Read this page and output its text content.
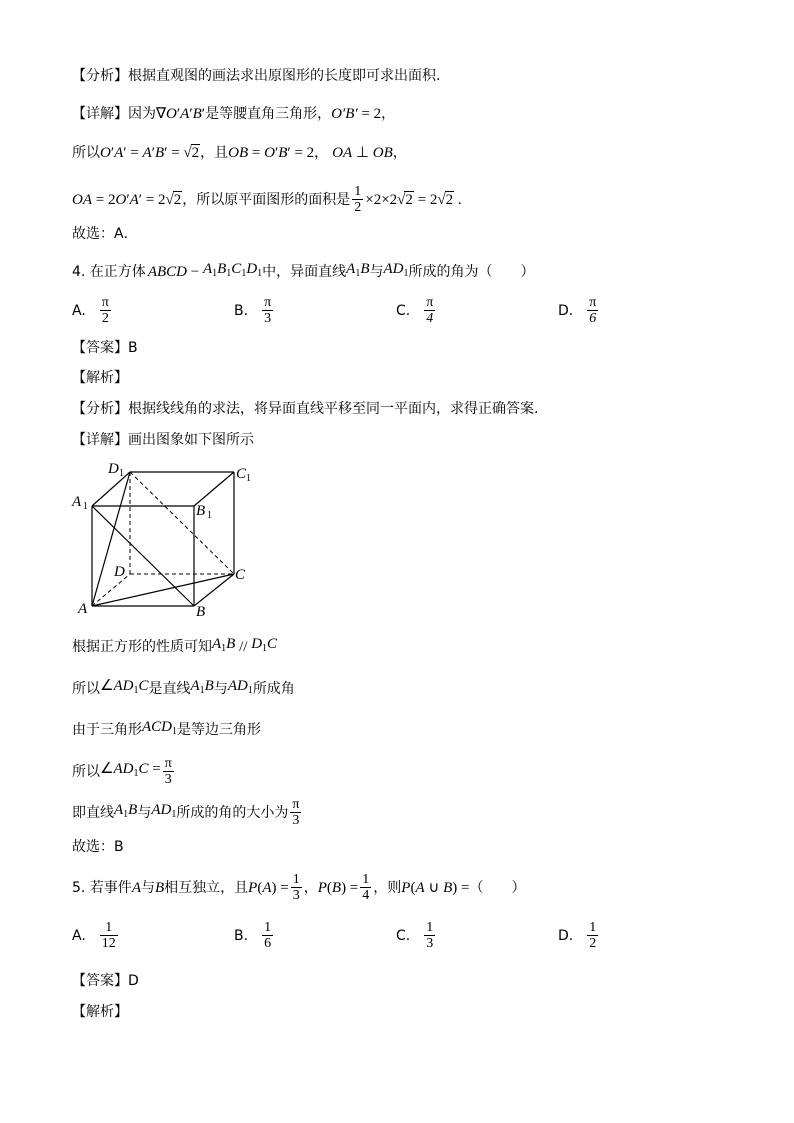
【分析】根据直观图的画法求出原图形的长度即可求出面积.
【详解】 因为 ∇O′A′B′ 是等腰直角三角形， O′B′ = 2 ，
所以 O′A′ = A′B′ = √2 ，且 OB = O′B′ = 2 ， OA ⊥ OB ，
OA = 2O′A′ = 2√2 ，所以原平面图形的面积是 $\frac{1}{2} \times 2\times 2√2 = 2√2$ .
故选：A．
4. 在正方体 ABCD − $A_1B_1C_1D_1$ 中，异面直线 $A_1B$ 与 $AD_1$ 所成的角为（　　）
A. $\frac{\pi}{2}$	B. $\frac{\pi}{3}$	C. $\frac{\pi}{4}$	D. $\frac{\pi}{6}$
【答案】 B
【解析】
【分析】根据线线角的求法，将异面直线平移至同一平面内，求得正确答案.
【详解】画出图象如下图所示
D 1	C 1
A 1	B 1
D	C
A	B
根据正方形的性质可知 $A_1B // D_1C$
所以 $\angle AD_1C$ 是直线 $A_1B$ 与 $AD_1$ 所成角
由于三角形 $ACD_1$ 是等边三角形
所以 $\angle AD_1C = \frac{\pi}{3}$
即直线 $A_1B$ 与 $AD_1$ 所成的角的大小为 $\frac{\pi}{3}$
故选：B
5. 若事件 A 与 B 相互独立，且 $P(A) = \frac{1}{3}$ ， $P(B) = \frac{1}{4}$ ，则 P(A ∪ B) = （　　）
A. $\frac{1}{12}$	B. $\frac{1}{6}$	C. $\frac{1}{3}$	D. $\frac{1}{2}$
【答案】 D
【解析】
